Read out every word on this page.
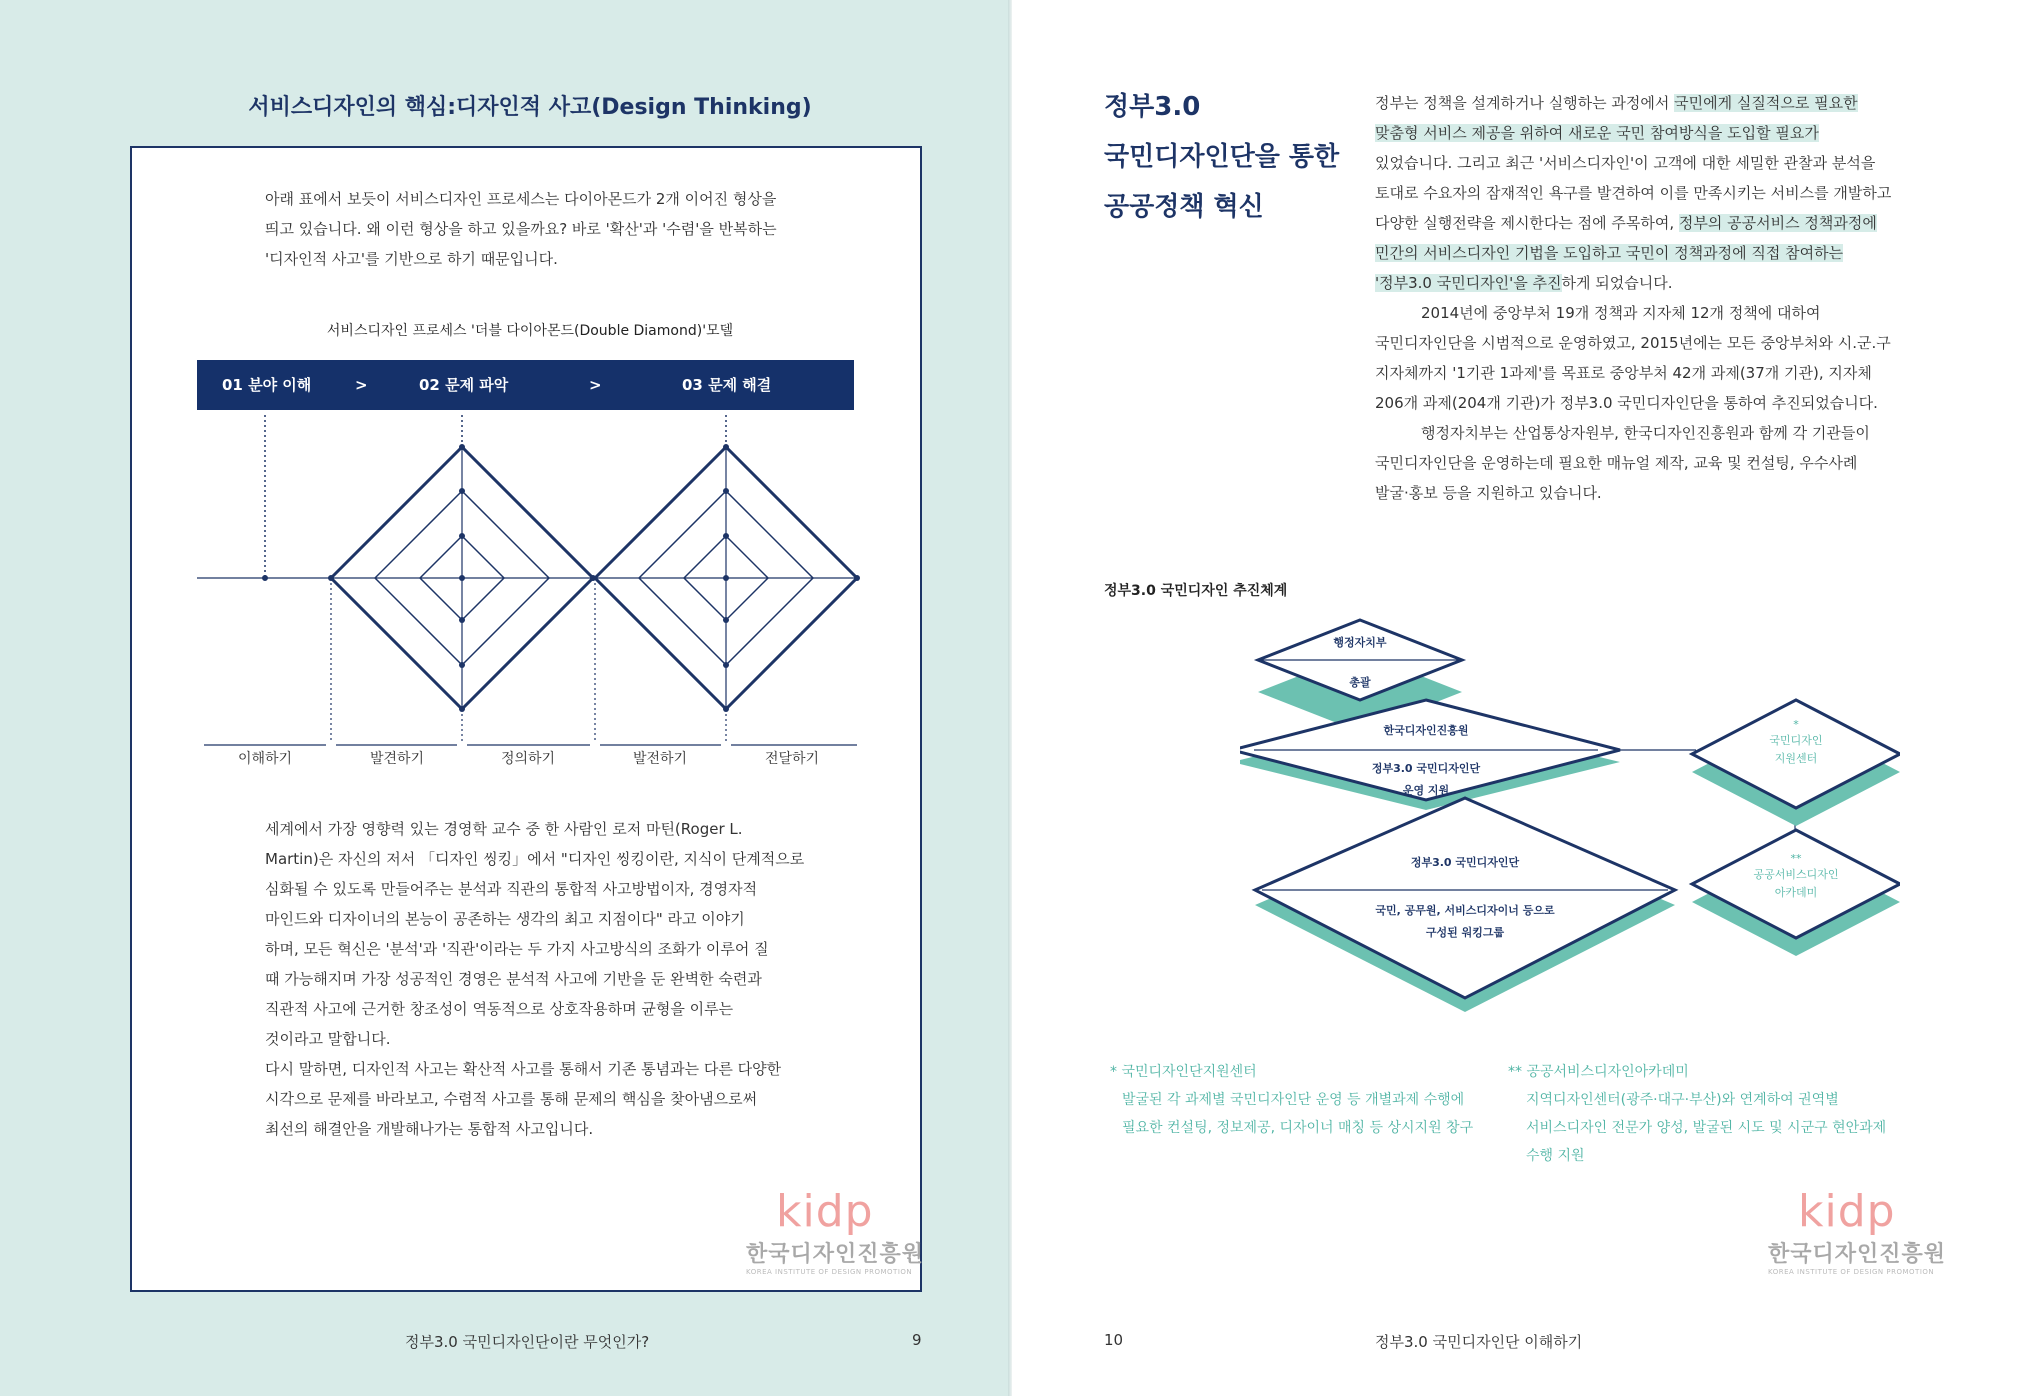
서비스디자인의 핵심:디자인적 사고(Design Thinking)
아래 표에서 보듯이 서비스디자인 프로세스는 다이아몬드가 2개 이어진 형상을
띄고 있습니다. 왜 이런 형상을 하고 있을까요? 바로 '확산'과 '수렴'을 반복하는
'디자인적 사고'를 기반으로 하기 때문입니다.
서비스디자인 프로세스 '더블 다이아몬드(Double Diamond)'모델
01 분야 이해	>	02 문제 파악	>	03 문제 해결
이해하기	발견하기	정의하기	발전하기	전달하기
세계에서 가장 영향력 있는 경영학 교수 중 한 사람인 로저 마틴(Roger L.
Martin)은 자신의 저서 「디자인 씽킹」에서 "디자인 씽킹이란, 지식이 단계적으로
심화될 수 있도록 만들어주는 분석과 직관의 통합적 사고방법이자, 경영자적
마인드와 디자이너의 본능이 공존하는 생각의 최고 지점이다" 라고 이야기
하며, 모든 혁신은 '분석'과 '직관'이라는 두 가지 사고방식의 조화가 이루어 질
때 가능해지며 가장 성공적인 경영은 분석적 사고에 기반을 둔 완벽한 숙련과
직관적 사고에 근거한 창조성이 역동적으로 상호작용하며 균형을 이루는
것이라고 말합니다.
다시 말하면, 디자인적 사고는 확산적 사고를 통해서 기존 통념과는 다른 다양한
시각으로 문제를 바라보고, 수렴적 사고를 통해 문제의 핵심을 찾아냄으로써
최선의 해결안을 개발해나가는 통합적 사고입니다.
kidp
한국디자인진흥원
KOREA INSTITUTE OF DESIGN PROMOTION
정부3.0 국민디자인단이란 무엇인가?	9
정부3.0
국민디자인단을 통한
공공정책 혁신
정부는 정책을 설계하거나 실행하는 과정에서 국민에게 실질적으로 필요한
맞춤형 서비스 제공을 위하여 새로운 국민 참여방식을 도입할 필요가
있었습니다. 그리고 최근 '서비스디자인'이 고객에 대한 세밀한 관찰과 분석을
토대로 수요자의 잠재적인 욕구를 발견하여 이를 만족시키는 서비스를 개발하고
다양한 실행전략을 제시한다는 점에 주목하여, 정부의 공공서비스 정책과정에
민간의 서비스디자인 기법을 도입하고 국민이 정책과정에 직접 참여하는
'정부3.0 국민디자인'을 추진하게 되었습니다.
2014년에 중앙부처 19개 정책과 지자체 12개 정책에 대하여
국민디자인단을 시범적으로 운영하였고, 2015년에는 모든 중앙부처와 시.군.구
지자체까지 '1기관 1과제'를 목표로 중앙부처 42개 과제(37개 기관), 지자체
206개 과제(204개 기관)가 정부3.0 국민디자인단을 통하여 추진되었습니다.
행정자치부는 산업통상자원부, 한국디자인진흥원과 함께 각 기관들이
국민디자인단을 운영하는데 필요한 매뉴얼 제작, 교육 및 컨설팅, 우수사례
발굴·홍보 등을 지원하고 있습니다.
정부3.0 국민디자인 추진체계
행정자치부
총괄
한국디자인진흥원
정부3.0 국민디자인단
운영 지원
정부3.0 국민디자인단
국민, 공무원, 서비스디자이너 등으로
구성된 워킹그룹
*
국민디자인
지원센터
**
공공서비스디자인
아카데미
* 국민디자인단지원센터
발굴된 각 과제별 국민디자인단 운영 등 개별과제 수행에
필요한 컨설팅, 정보제공, 디자이너 매칭 등 상시지원 창구
** 공공서비스디자인아카데미
지역디자인센터(광주·대구·부산)와 연계하여 권역별
서비스디자인 전문가 양성, 발굴된 시도 및 시군구 현안과제
수행 지원
kidp
한국디자인진흥원
KOREA INSTITUTE OF DESIGN PROMOTION
10	정부3.0 국민디자인단 이해하기
